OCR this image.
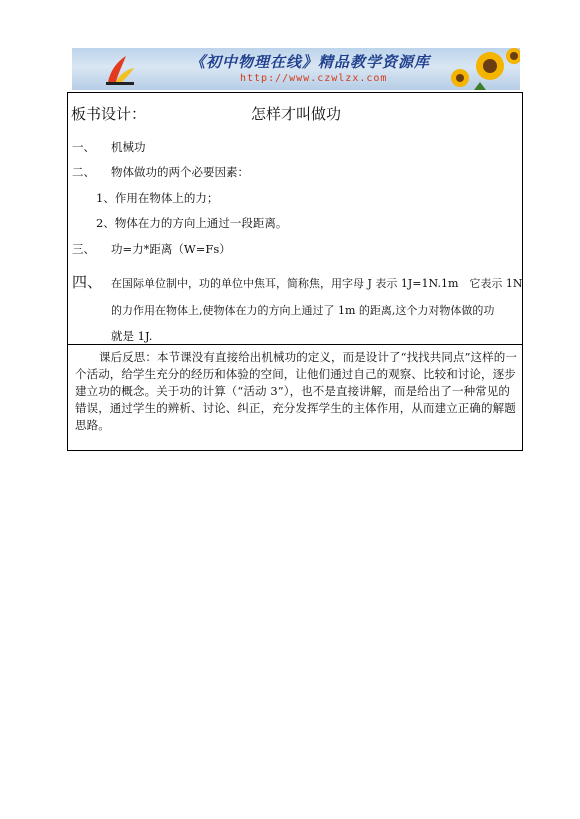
《初中物理在线》精品教学资源库
http://www.czwlzx.com
板书设计：	怎样才叫做功
一、 机械功
二、 物体做功的两个必要因素：
1、作用在物体上的力；
2、物体在力的方向上通过一段距离。
三、 功=力*距离（W=Fs）
四、 在国际单位制中，功的单位中焦耳，简称焦，用字母 J 表示 1J=1N.1m　它表示 1N
的力作用在物体上,使物体在力的方向上通过了 1m 的距离,这个力对物体做的功
就是 1J.
课后反思：本节课没有直接给出机械功的定义，而是设计了“找找共同点”这样的一个活动，给学生充分的经历和体验的空间，让他们通过自己的观察、比较和讨论，逐步建立功的概念。关于功的计算（“活动 3”），也不是直接讲解，而是给出了一种常见的错误，通过学生的辨析、讨论、纠正，充分发挥学生的主体作用，从而建立正确的解题思路。
